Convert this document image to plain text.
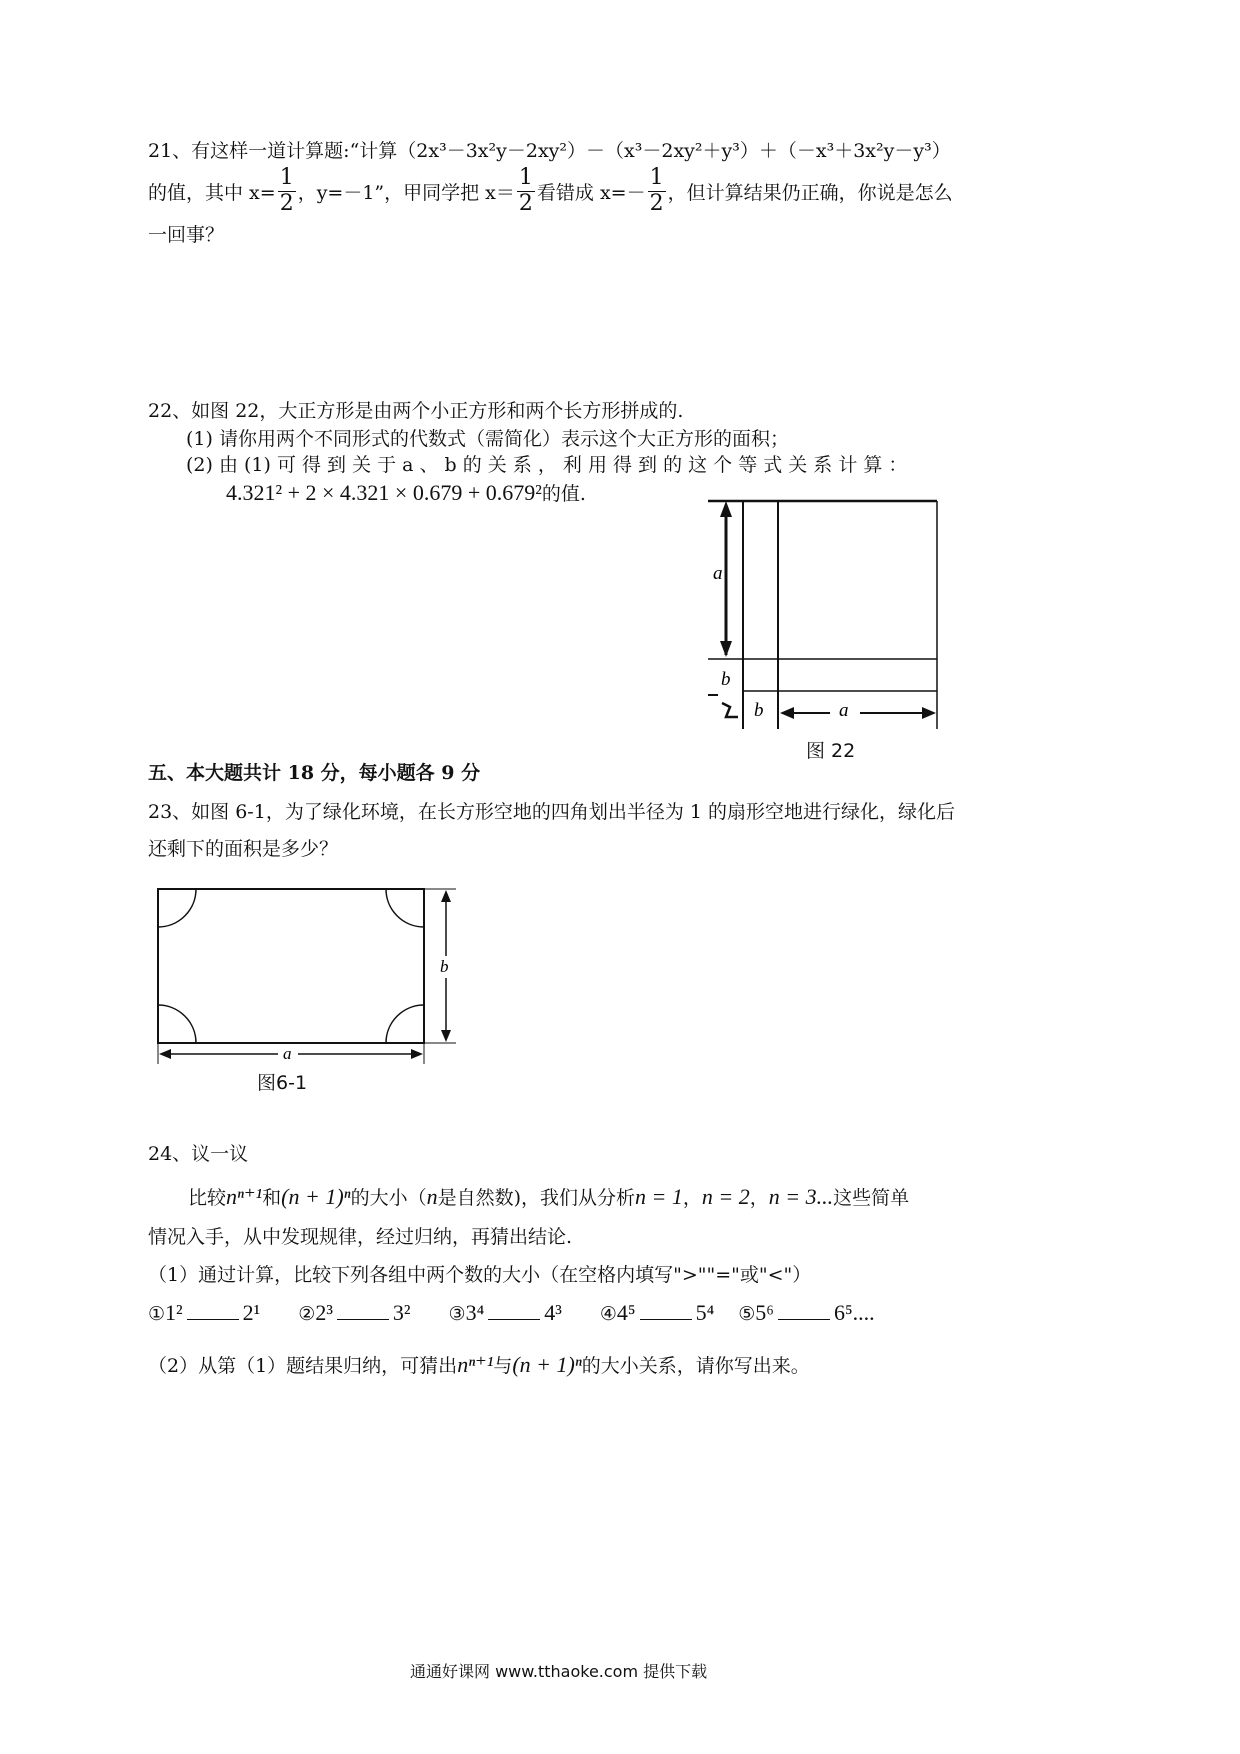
21、有这样一道计算题:“计算（2x³－3x²y－2xy²）－（x³－2xy²＋y³）＋（－x³＋3x²y－y³）
的值，其中 $x= \frac{1}{2}$ ，y=－1”，甲同学把 $x= \frac{1}{2}$ 看错成 $x=- \frac{1}{2}$ ，但计算结果仍正确，你说是怎么
一回事？
22、如图 22，大正方形是由两个小正方形和两个长方形拼成的.
(1) 请你用两个不同形式的代数式（需简化）表示这个大正方形的面积；
(2) 由 (1) 可 得 到 关 于 a 、 b 的 关 系 ， 利 用 得 到 的 这 个 等 式 关 系 计 算 ：
4.321² + 2 × 4.321 × 0.679 + 0.679²的值.
a
b
b	a
图 22
五、本大题共计 18 分，每小题各 9 分
23、如图 6-1，为了绿化环境，在长方形空地的四角划出半径为 1 的扇形空地进行绿化，绿化后
还剩下的面积是多少？
b
a
图6-1
24、议一议
比较nⁿ⁺¹和(n + 1)ⁿ的大小（n是自然数)，我们从分析n = 1，n = 2，n = 3...这些简单
情况入手，从中发现规律，经过归纳，再猜出结论.
（1）通过计算，比较下列各组中两个数的大小（在空格内填写">""="或"<"）
① 1²	2¹ ② 2³	3² ③ 3⁴	4³ ④ 4⁵	5⁴ ⑤ 5⁶	6⁵....
（2）从第（1）题结果归纳，可猜出nⁿ⁺¹与(n + 1)ⁿ的大小关系，请你写出来。
通通好课网 www.tthaoke.com 提供下载
